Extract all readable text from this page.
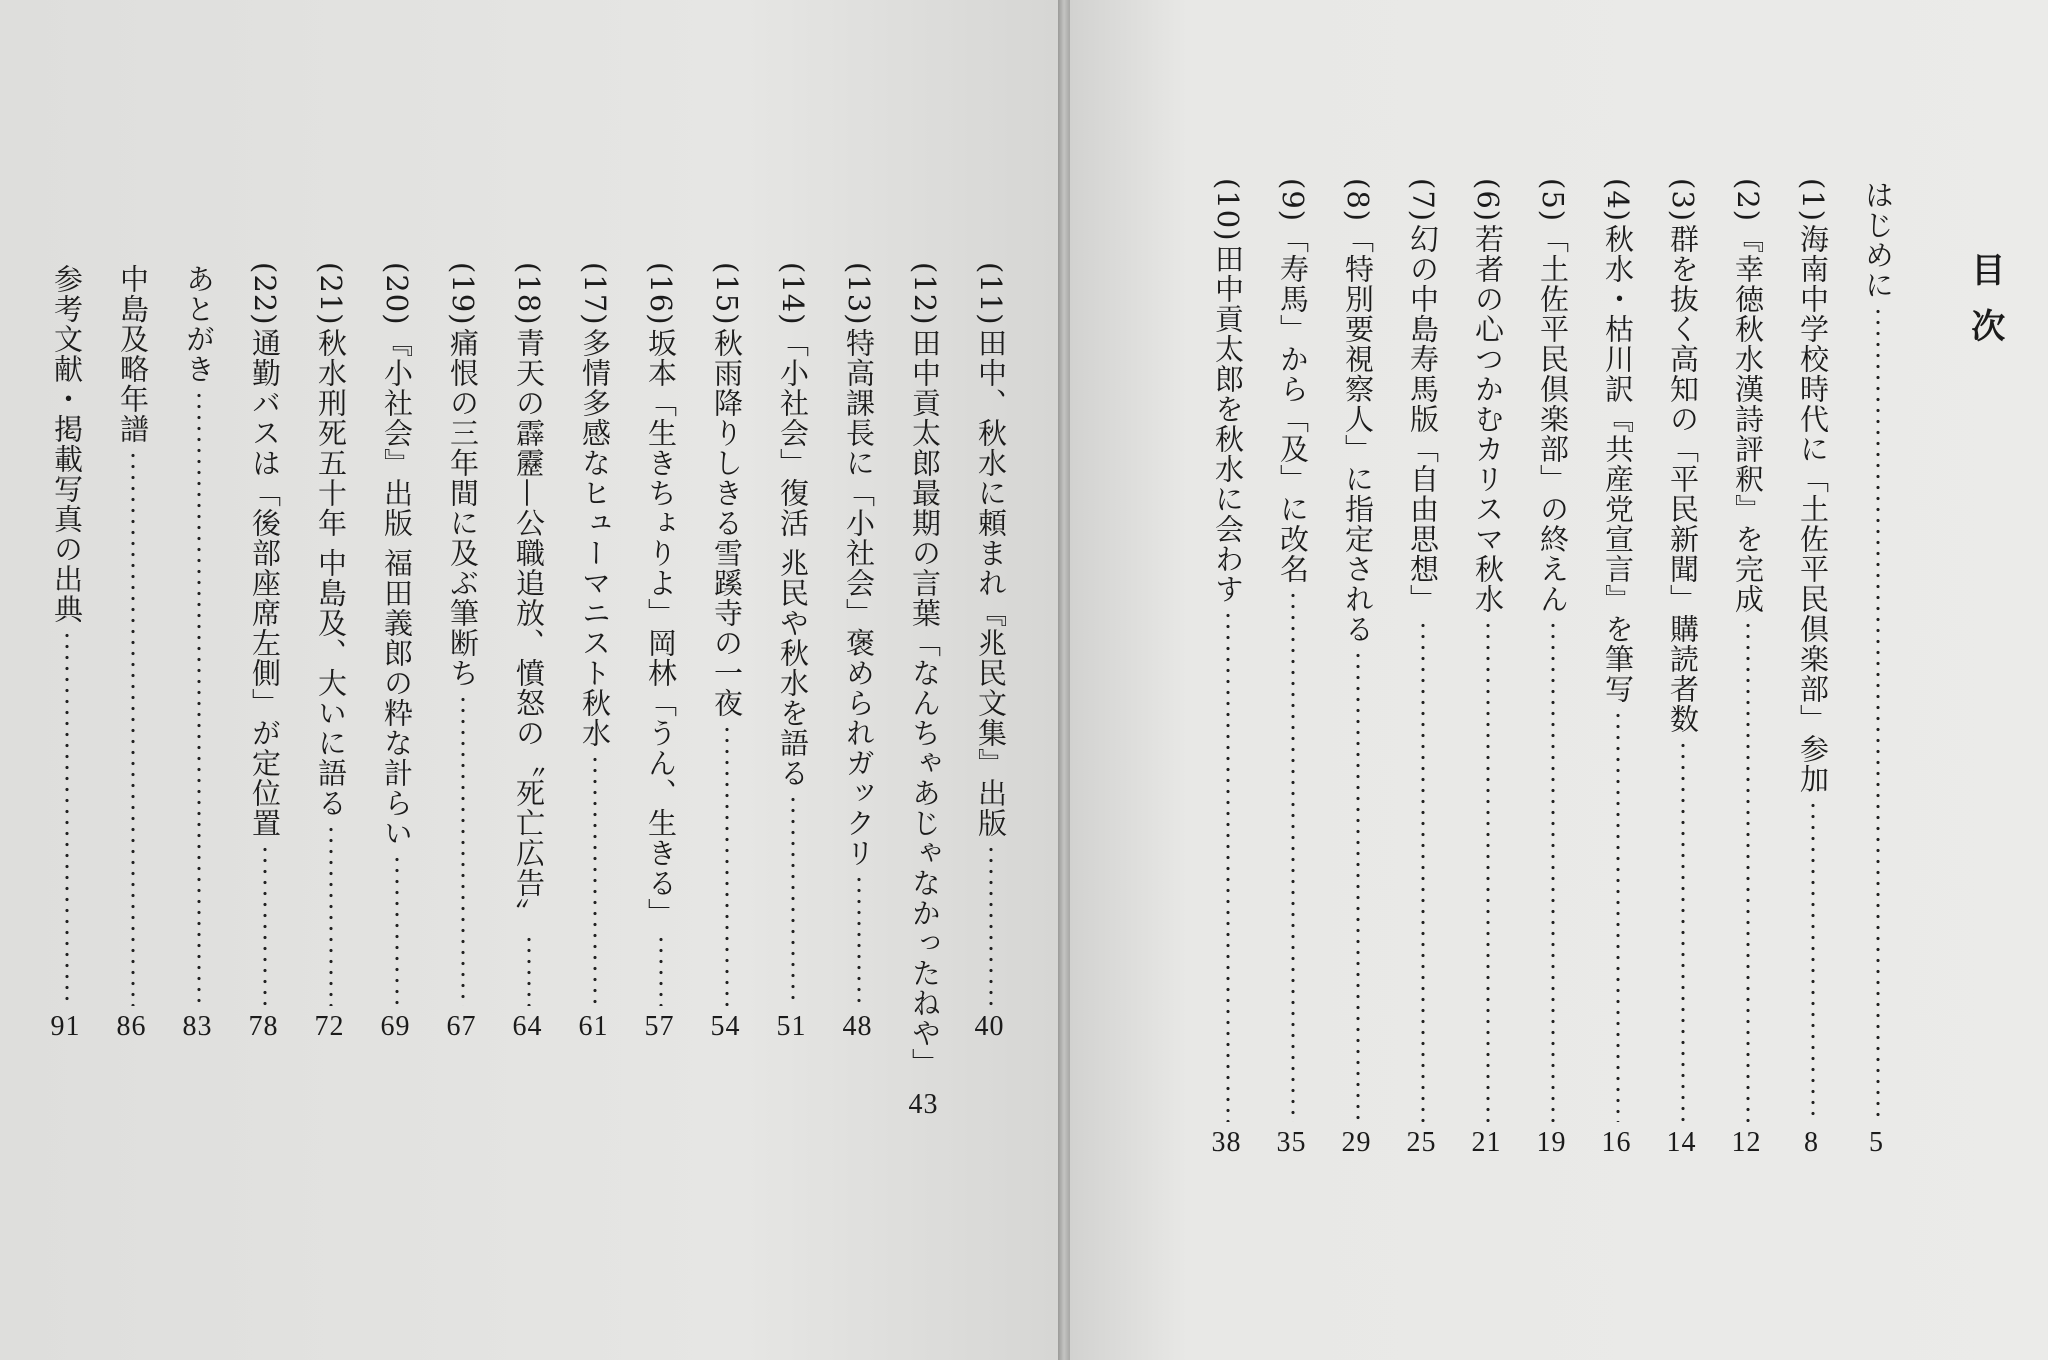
目次
はじめに
5
(1)
海南中学校時代に「土佐平民倶楽部」参加
8
(2)
『幸徳秋水漢詩評釈』を完成
12
(3)
群を抜く高知の「平民新聞」購読者数
14
(4)
秋水・枯川訳『共産党宣言』を筆写
16
(5)
「土佐平民倶楽部」の終えん
19
(6)
若者の心つかむカリスマ秋水
21
(7)
幻の中島寿馬版「自由思想」
25
(8)
「特別要視察人」に指定される
29
(9)
「寿馬」から「及」に改名
35
(10)
田中貢太郎を秋水に会わす
38
(11)
田中、秋水に頼まれ『兆民文集』出版
40
(12)
田中貢太郎最期の言葉「なんちゃあじゃなかったねや」
43
(13)
特高課長に「小社会」褒められガックリ
48
(14)
「小社会」復活 兆民や秋水を語る
51
(15)
秋雨降りしきる雪蹊寺の一夜
54
(16)
坂本「生きちょりよ」岡林「うん、生きる」
57
(17)
多情多感なヒューマニスト秋水
61
(18)
青天の霹靂—公職追放、憤怒の〝死亡広告〟
64
(19)
痛恨の三年間に及ぶ筆断ち
67
(20)
『小社会』出版 福田義郎の粋な計らい
69
(21)
秋水刑死五十年 中島及、大いに語る
72
(22)
通勤バスは「後部座席左側」が定位置
78
あとがき
83
中島及略年譜
86
参考文献・掲載写真の出典
91
